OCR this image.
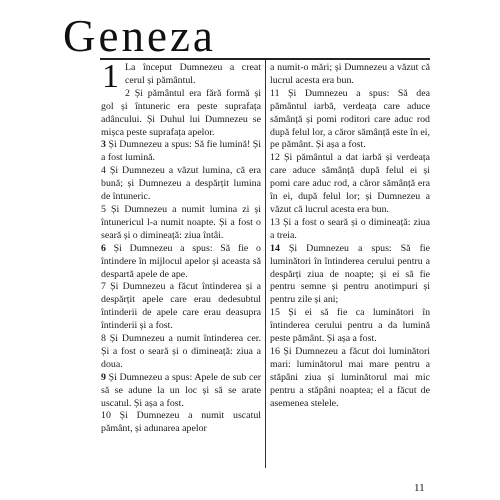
Geneza
1 La început Dumnezeu a creat cerul și pământul.

2 Și pământul era fără formă și gol și întuneric era peste suprafața adâncului. Și Duhul lui Dumnezeu se mișca peste suprafața apelor.

3 Și Dumnezeu a spus: Să fie lumină! Și a fost lumină.

4 Și Dumnezeu a văzut lumina, că era bună; și Dumnezeu a despărțit lumina de întuneric.

5 Și Dumnezeu a numit lumina zi și întunericul l-a numit noapte. Și a fost o seară și o dimineață: ziua întâi.

6 Și Dumnezeu a spus: Să fie o întindere în mijlocul apelor și aceasta să despartă apele de ape.

7 Și Dumnezeu a făcut întinderea și a despărțit apele care erau dedesubtul întinderii de apele care erau deasupra întinderii și a fost.

8 Și Dumnezeu a numit întinderea cer. Și a fost o seară și o dimineață: ziua a doua.

9 Și Dumnezeu a spus: Apele de sub cer să se adune la un loc și să se arate uscatul. Și așa a fost.

10 Și Dumnezeu a numit uscatul pământ, și adunarea apelor

a numit-o mări; și Dumnezeu a văzut că lucrul acesta era bun.

11 Și Dumnezeu a spus: Să dea pământul iarbă, verdeața care aduce sămânță și pomi roditori care aduc rod după felul lor, a căror sămânță este în ei, pe pământ. Și așa a fost.

12 Și pământul a dat iarbă și verdeața care aduce sămânță după felul ei și pomi care aduc rod, a căror sămânță era în ei, după felul lor; și Dumnezeu a văzut că lucrul acesta era bun.

13 Și a fost o seară și o dimineață: ziua a treia.

14 Și Dumnezeu a spus: Să fie luminători în întinderea cerului pentru a despărți ziua de noapte; și ei să fie pentru semne și pentru anotimpuri și pentru zile și ani;

15 Și ei să fie ca luminători în întinderea cerului pentru a da lumină peste pământ. Și așa a fost.

16 Și Dumnezeu a făcut doi luminători mari: luminătorul mai mare pentru a stăpâni ziua și luminătorul mai mic pentru a stăpâni noaptea; el a făcut de asemenea stelele.

11
